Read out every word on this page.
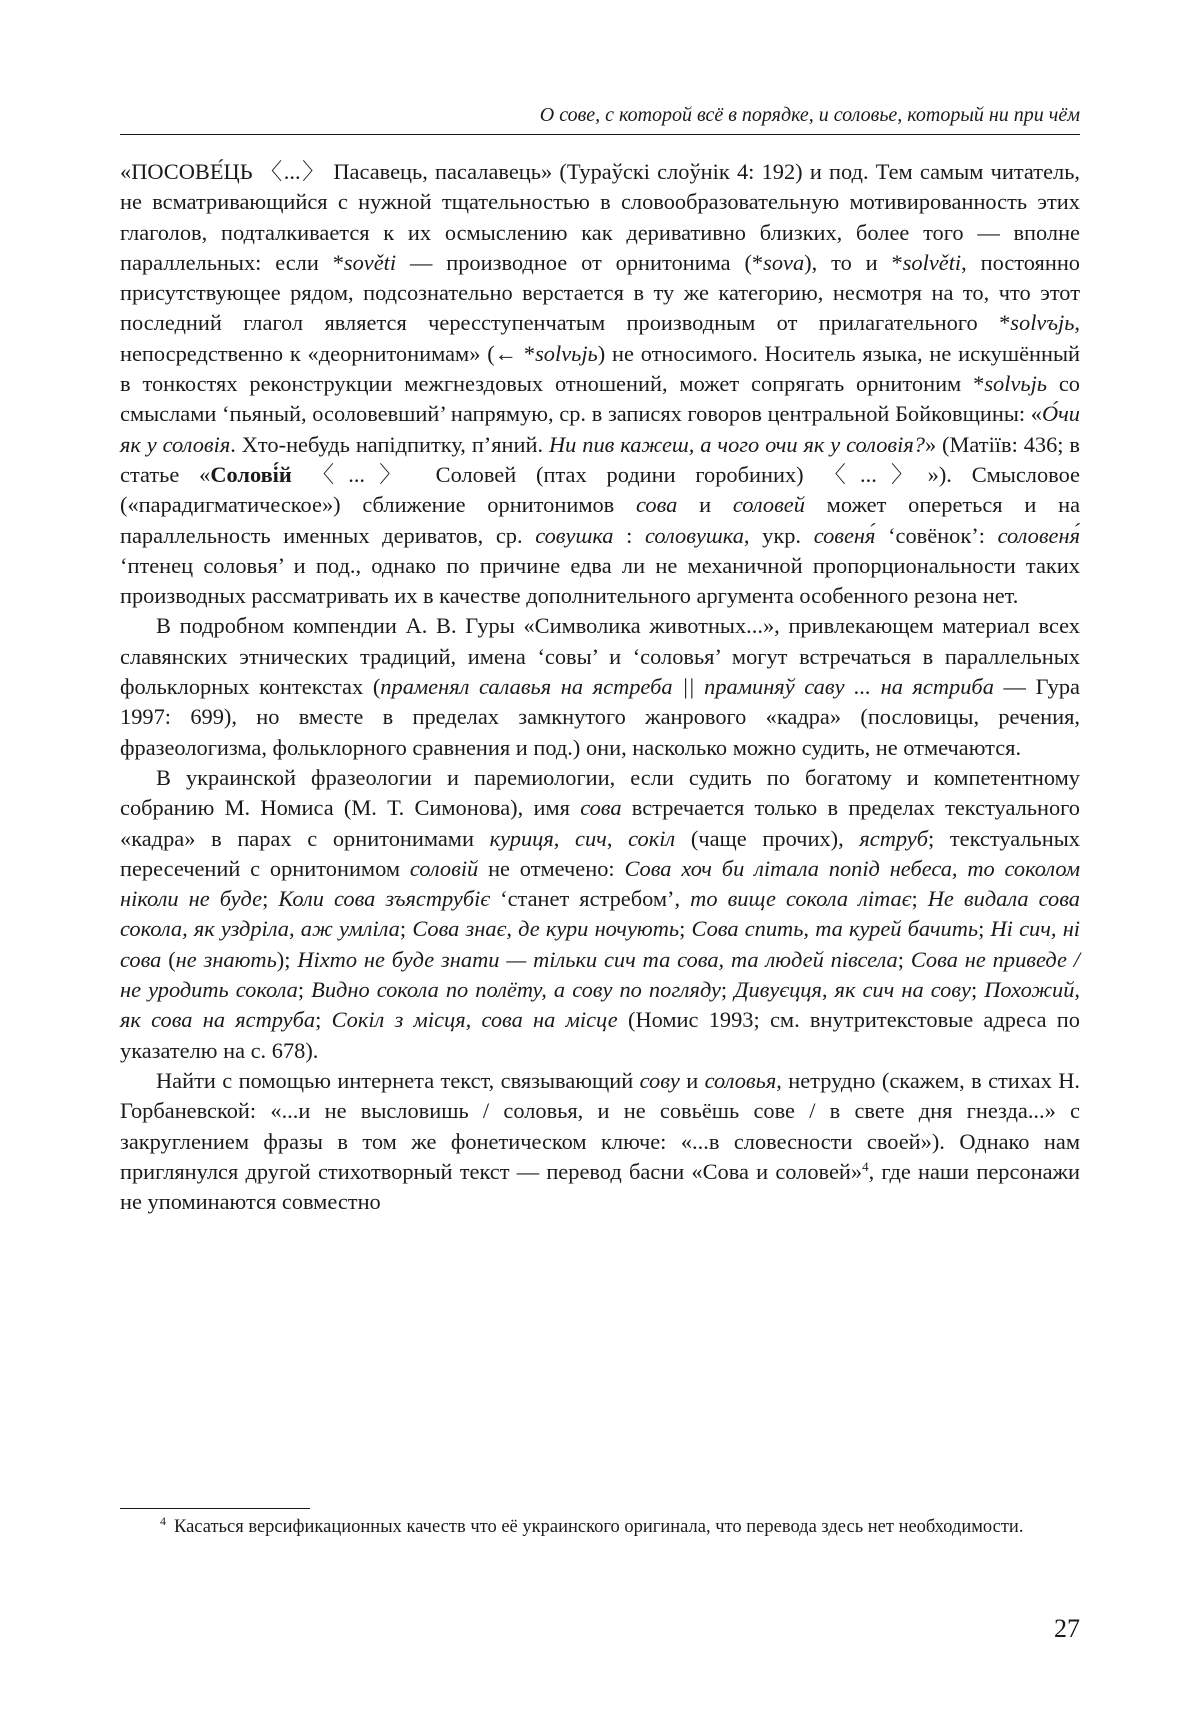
О сове, с которой всё в порядке, и соловье, который ни при чём

«ПОСОВЕ́ЦЬ 〈...〉 Пасавець, пасалавець» (Тураўскі слоўнік 4: 192) и под. Тем самым читатель, не всматривающийся с нужной тщательностью в словообразовательную мотивированность этих глаголов, подталкивается к их осмыслению как деривативно близких, более того — вполне параллельных: если *sověti — производное от орнитонима (*sova), то и *solvěti, постоянно присутствующее рядом, подсознательно верстается в ту же категорию, несмотря на то, что этот последний глагол является чересступенчатым производным от прилагательного *solvъjь, непосредственно к «деорнитонимам» (← *solvьjь) не относимого. Носитель языка, не искушённый в тонкостях реконструкции межгнездовых отношений, может сопрягать орнитоним *solvьjь со смыслами ‘пьяный, осоловевший’ напрямую, ср. в записях говоров центральной Бойковщины: «О́чи як у соловія. Хто-небудь напідпитку, п’яний. Ни пив кажеш, а чого очи як у соловія?» (Матіїв: 436; в статье «Солові́й 〈...〉 Соловей (птах родини горобиних) 〈...〉»). Смысловое («парадигматическое») сближение орнитонимов сова и соловей может опереться и на параллельность именных дериватов, ср. совушка : соловушка, укр. совеня́ ‘совёнок’: соловеня́ ‘птенец соловья’ и под., однако по причине едва ли не механичной пропорциональности таких производных рассматривать их в качестве дополнительного аргумента особенного резона нет.

В подробном компендии А. В. Гуры «Символика животных...», привлекающем материал всех славянских этнических традиций, имена ‘совы’ и ‘соловья’ могут встречаться в параллельных фольклорных контекстах (праменял салавья на ястреба || праминяў саву ... на ястриба — Гура 1997: 699), но вместе в пределах замкнутого жанрового «кадра» (пословицы, речения, фразеологизма, фольклорного сравнения и под.) они, насколько можно судить, не отмечаются.

В украинской фразеологии и паремиологии, если судить по богатому и компетентному собранию М. Номиса (М. Т. Симонова), имя сова встречается только в пределах текстуального «кадра» в парах с орнитонимами куриця, сич, сокіл (чаще прочих), яструб; текстуальных пересечений с орнитонимом соловій не отмечено: Сова хоч би літала попід небеса, то соколом ніколи не буде; Коли сова зъяструбіє ‘станет ястребом’, то вище сокола літає; Не видала сова сокола, як уздріла, аж умліла; Сова знає, де кури ночують; Сова спить, та курей бачить; Ні сич, ні сова (не знають); Ніхто не буде знати — тільки сич та сова, та людей півсела; Сова не приведе / не уродить сокола; Видно сокола по полёту, а сову по погляду; Дивуєцця, як сич на сову; Похожий, як сова на яструба; Сокіл з місця, сова на місце (Номис 1993; см. внутритекстовые адреса по указателю на с. 678).

Найти с помощью интернета текст, связывающий сову и соловья, нетрудно (скажем, в стихах Н. Горбаневской: «...и не высловишь / соловья, и не совьёшь сове / в свете дня гнезда...» с закруглением фразы в том же фонетическом ключе: «...в словесности своей»). Однако нам приглянулся другой стихотворный текст — перевод басни «Сова и соловей»$^4$, где наши персонажи не упоминаются совместно

$^4$ Касаться версификационных качеств что её украинского оригинала, что перевода здесь нет необходимости.
27
